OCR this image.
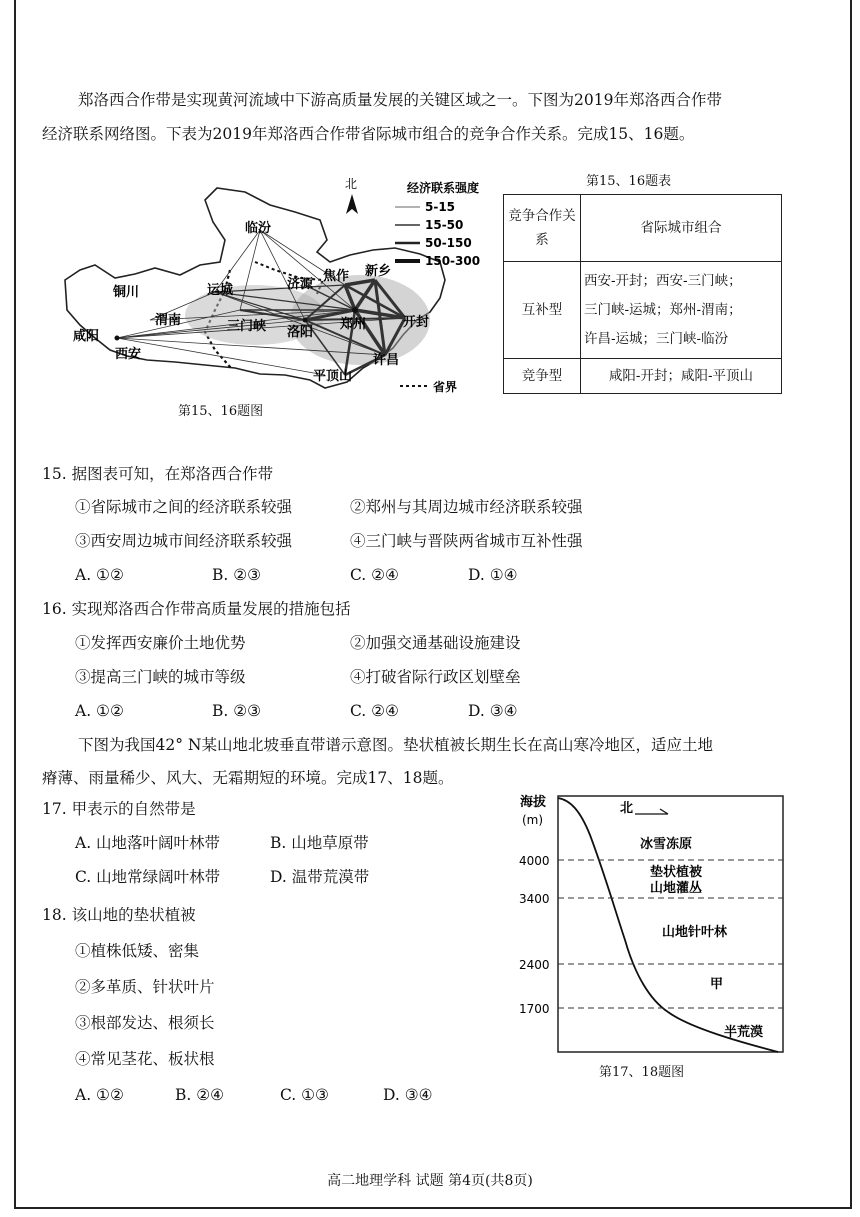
郑洛西合作带是实现黄河流域中下游高质量发展的关键区域之一。下图为2019年郑洛西合作带
经济联系网络图。下表为2019年郑洛西合作带省际城市组合的竞争合作关系。完成15、16题。
临汾
运城
铜川
咸阳
西安
渭南	三门峡 洛阳
济源
焦作 新乡
郑州	开封
许昌
平顶山
北	经济联系强度
5-15
15-50
50-150
150-300
省界
第15、16题图
第15、16题表
竞争合作关系	省际城市组合
互补型	西安-开封；西安-三门峡；
三门峡-运城；郑州-渭南；
许昌-运城；三门峡-临汾

竞争型	咸阳-开封；咸阳-平顶山
15. 据图表可知，在郑洛西合作带
①省际城市之间的经济联系较强	②郑州与其周边城市经济联系较强
③西安周边城市间经济联系较强	④三门峡与晋陕两省城市互补性强
A. ①②	B. ②③	C. ②④	D. ①④
16. 实现郑洛西合作带高质量发展的措施包括
①发挥西安廉价土地优势	②加强交通基础设施建设
③提高三门峡的城市等级	④打破省际行政区划壁垒
A. ①②	B. ②③	C. ②④	D. ③④
下图为我国42° N某山地北坡垂直带谱示意图。垫状植被长期生长在高山寒冷地区，适应土地
瘠薄、雨量稀少、风大、无霜期短的环境。完成17、18题。
17. 甲表示的自然带是
A. 山地落叶阔叶林带	B. 山地草原带
C. 山地常绿阔叶林带	D. 温带荒漠带
18. 该山地的垫状植被
①植株低矮、密集
②多革质、针状叶片
③根部发达、根须长
④常见茎花、板状根
A. ①②	B. ②④	C. ①③	D. ③④
海拔
(m)
4000
3400
2400
1700
北
冰雪冻原
垫状植被
山地灌丛
山地针叶林
甲
半荒漠
第17、18题图
高二地理学科 试题 第4页(共8页)
